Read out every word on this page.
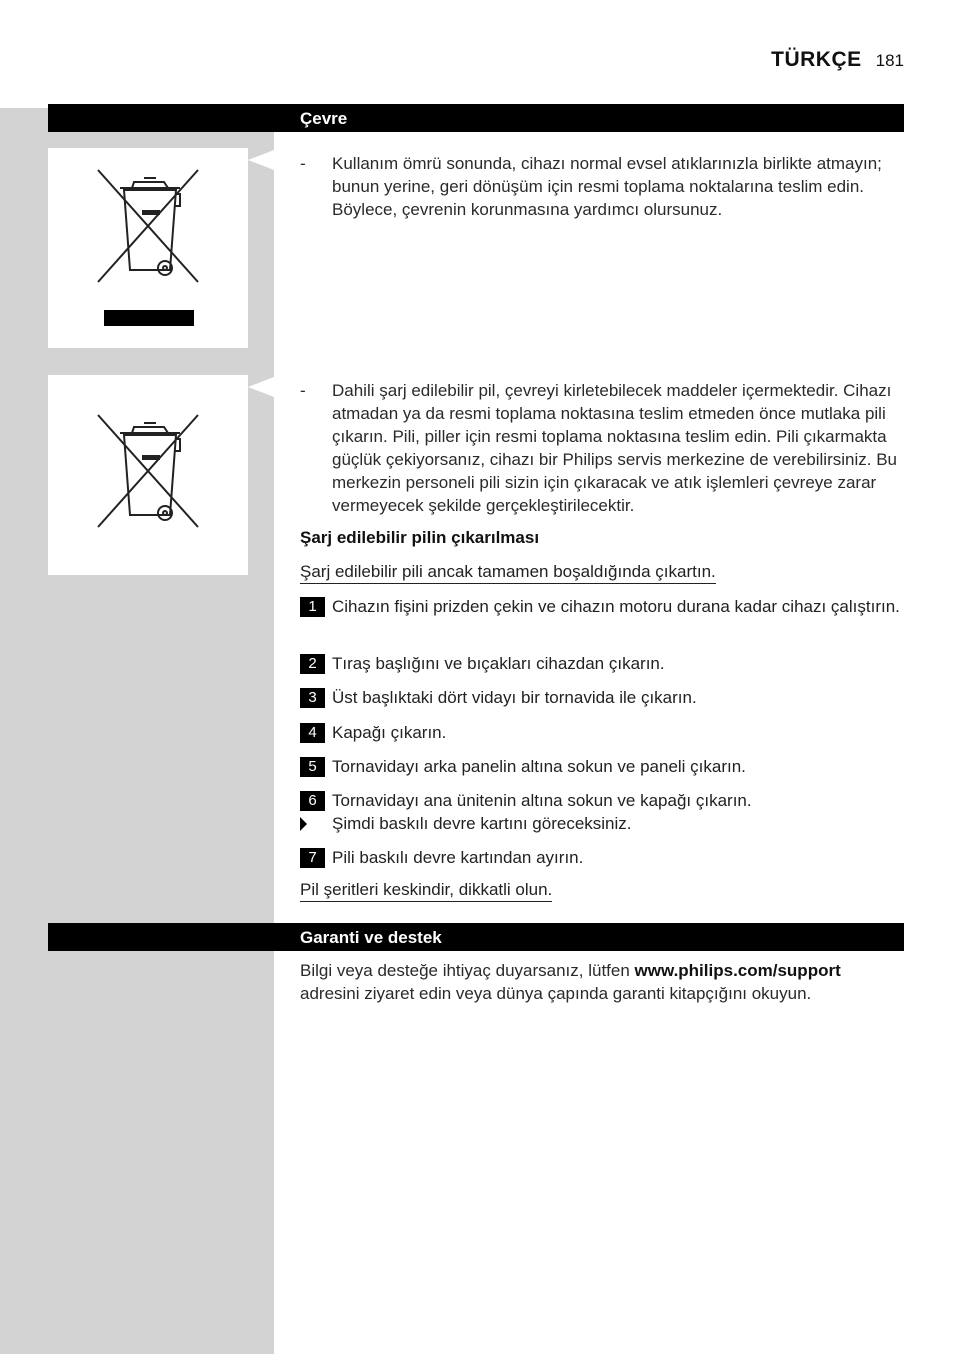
TÜRKÇE 181
Çevre
- Kullanım ömrü sonunda, cihazı normal evsel atıklarınızla birlikte atmayın; bunun yerine, geri dönüşüm için resmi toplama noktalarına teslim edin. Böylece, çevrenin korunmasına yardımcı olursunuz.
- Dahili şarj edilebilir pil, çevreyi kirletebilecek maddeler içermektedir. Cihazı atmadan ya da resmi toplama noktasına teslim etmeden önce mutlaka pili çıkarın. Pili, piller için resmi toplama noktasına teslim edin. Pili çıkarmakta güçlük çekiyorsanız, cihazı bir Philips servis merkezine de verebilirsiniz. Bu merkezin personeli pili sizin için çıkaracak ve atık işlemleri çevreye zarar vermeyecek şekilde gerçekleştirilecektir.
Şarj edilebilir pilin çıkarılması
Şarj edilebilir pili ancak tamamen boşaldığında çıkartın.
1 Cihazın fişini prizden çekin ve cihazın motoru durana kadar cihazı çalıştırın.
2 Tıraş başlığını ve bıçakları cihazdan çıkarın.
3 Üst başlıktaki dört vidayı bir tornavida ile çıkarın.
4 Kapağı çıkarın.
5 Tornavidayı arka panelin altına sokun ve paneli çıkarın.
6 Tornavidayı ana ünitenin altına sokun ve kapağı çıkarın.
Şimdi baskılı devre kartını göreceksiniz.
7 Pili baskılı devre kartından ayırın.
Pil şeritleri keskindir, dikkatli olun.
Garanti ve destek
Bilgi veya desteğe ihtiyaç duyarsanız, lütfen www.philips.com/support adresini ziyaret edin veya dünya çapında garanti kitapçığını okuyun.
